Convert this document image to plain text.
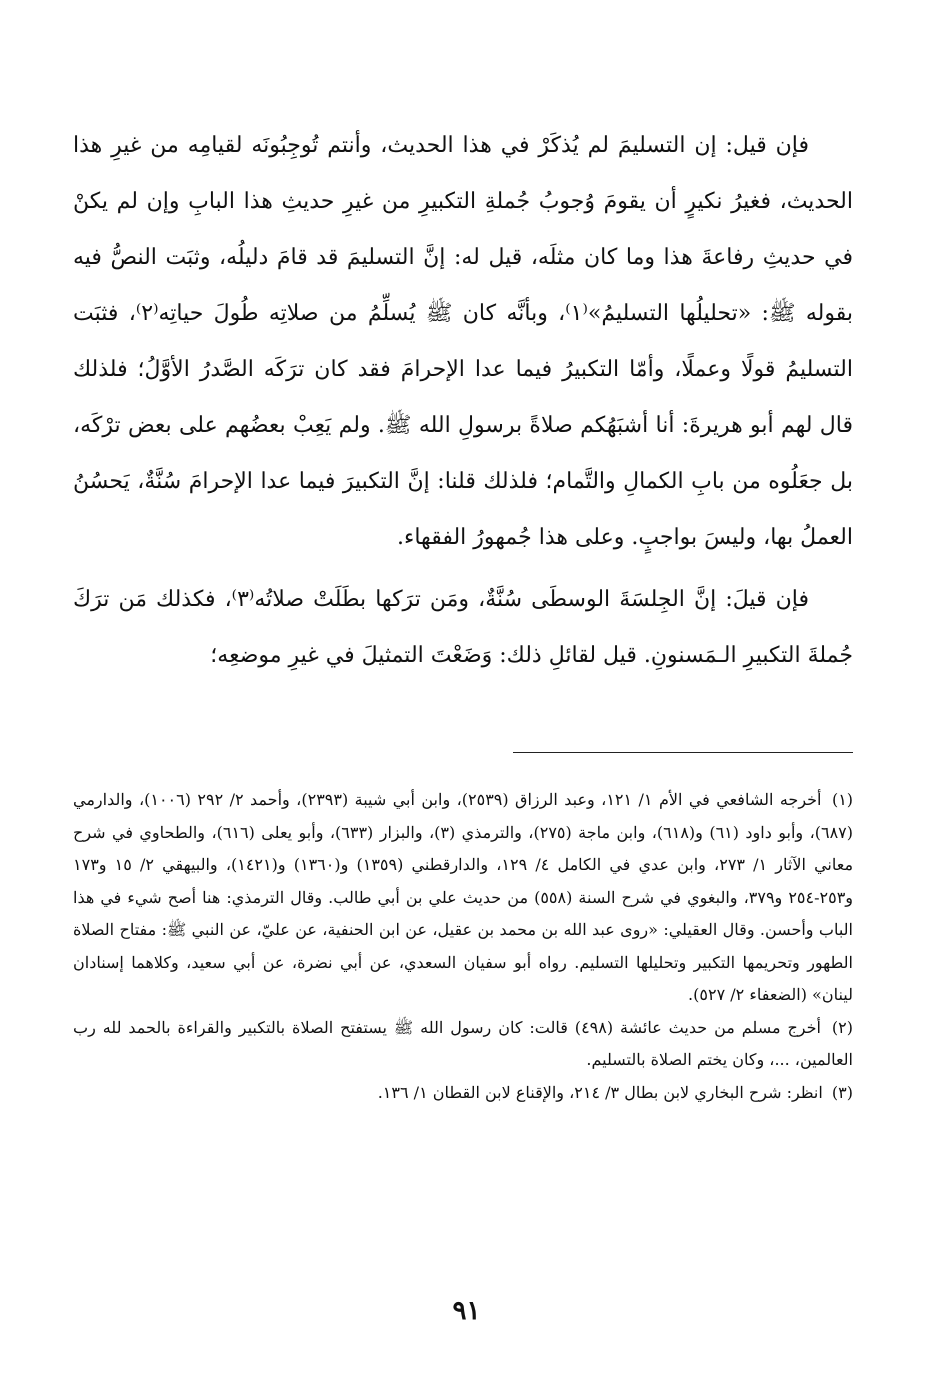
فإن قيل: إن التسليمَ لم يُذكَرْ في هذا الحديث، وأنتم تُوجِبُونَه لقيامِه من غيرِ هذا الحديث، فغيرُ نكيرٍ أن يقومَ وُجوبُ جُملةِ التكبيرِ من غيرِ حديثِ هذا البابِ وإن لم يكنْ في حديثِ رفاعةَ هذا وما كان مثلَه، قيل له: إنَّ التسليمَ قد قامَ دليلُه، وثبَت النصُّ فيه بقوله ﷺ: «تحليلُها التسليمُ»⁽١⁾، وبأنَّه كان ﷺ يُسلِّمُ من صلاتِه طُولَ حياتِه⁽٢⁾، فثبَت التسليمُ قولًا وعملًا، وأمّا التكبيرُ فيما عدا الإحرامَ فقد كان ترَكَه الصَّدرُ الأوَّلُ؛ فلذلك قال لهم أبو هريرةَ: أنا أشبَهُكم صلاةً برسولِ الله ﷺ. ولم يَعِبْ بعضُهم على بعض ترْكَه، بل جعَلُوه من بابِ الكمالِ والتَّمام؛ فلذلك قلنا: إنَّ التكبيرَ فيما عدا الإحرامَ سُنَّةٌ، يَحسُنُ العملُ بها، وليسَ بواجبٍ. وعلى هذا جُمهورُ الفقهاء.

فإن قيلَ: إنَّ الجِلسَةَ الوسطَى سُنَّةٌ، ومَن ترَكها بطَلَتْ صلاتُه⁽٣⁾، فكذلك مَن ترَكَ جُملةَ التكبيرِ الـمَسنونِ. قيل لقائلِ ذلك: وَضَعْتَ التمثيلَ في غيرِ موضعِه؛

(١) أخرجه الشافعي في الأم ١/ ١٢١، وعبد الرزاق (٢٥٣٩)، وابن أبي شيبة (٢٣٩٣)، وأحمد ٢/ ٢٩٢ (١٠٠٦)، والدارمي (٦٨٧)، وأبو داود (٦١) و(٦١٨)، وابن ماجة (٢٧٥)، والترمذي (٣)، والبزار (٦٣٣)، وأبو يعلى (٦١٦)، والطحاوي في شرح معاني الآثار ١/ ٢٧٣، وابن عدي في الكامل ٤/ ١٢٩، والدارقطني (١٣٥٩) و(١٣٦٠) و(١٤٢١)، والبيهقي ٢/ ١٥ و١٧٣ و٢٥٣-٢٥٤ و٣٧٩، والبغوي في شرح السنة (٥٥٨) من حديث علي بن أبي طالب. وقال الترمذي: هنا أصح شيء في هذا الباب وأحسن. وقال العقيلي: «روى عبد الله بن محمد بن عقيل، عن ابن الحنفية، عن عليّ، عن النبي ﷺ: مفتاح الصلاة الطهور وتحريمها التكبير وتحليلها التسليم. رواه أبو سفيان السعدي، عن أبي نضرة، عن أبي سعيد، وكلاهما إسنادان لينان» (الضعفاء ٢/ ٥٢٧).

(٢) أخرج مسلم من حديث عائشة (٤٩٨) قالت: كان رسول الله ﷺ يستفتح الصلاة بالتكبير والقراءة بالحمد لله رب العالمين، ...، وكان يختم الصلاة بالتسليم.

(٣) انظر: شرح البخاري لابن بطال ٣/ ٢١٤، والإقناع لابن القطان ١/ ١٣٦.

٩١
